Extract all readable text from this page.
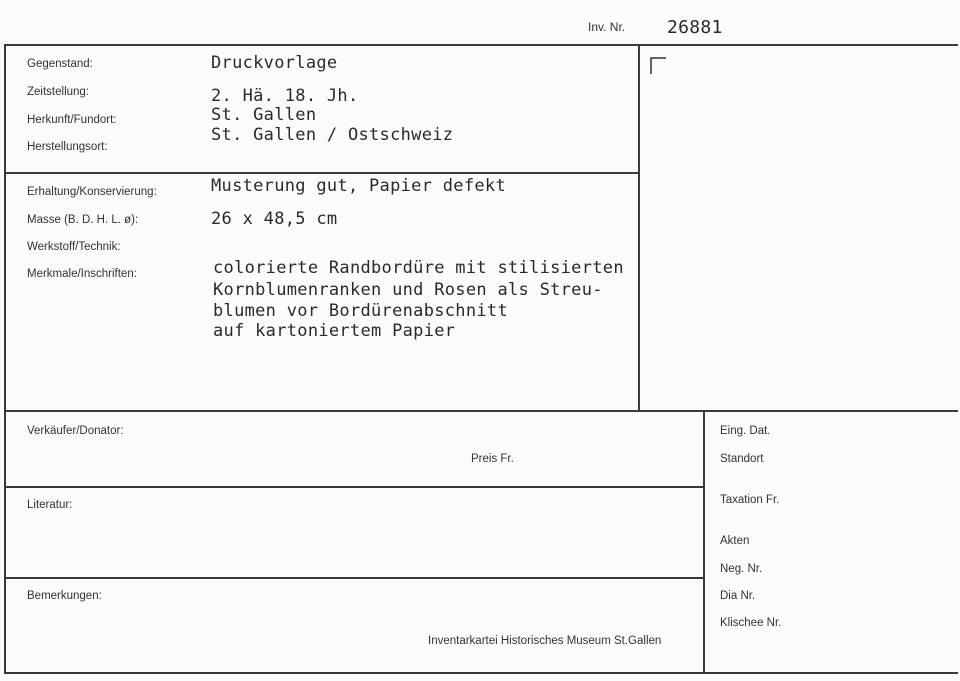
Inv. Nr. 26881
Gegenstand:
Zeitstellung:
Herkunft/Fundort:
Herstellungsort:
Druckvorlage
2. Hä. 18. Jh.
St. Gallen
St. Gallen / Ostschweiz
Erhaltung/Konservierung:
Masse (B. D. H. L. ø):
Werkstoff/Technik:
Merkmale/Inschriften:
Musterung gut, Papier defekt
26 x 48,5 cm
colorierte Randbordüre mit stilisierten
Kornblumenranken und Rosen als Streu-
blumen vor Bordürenabschnitt
auf kartoniertem Papier
Verkäufer/Donator:
Preis Fr.
Literatur:
Bemerkungen:
Inventarkartei Historisches Museum St.Gallen
Eing. Dat.
Standort
Taxation Fr.
Akten
Neg. Nr.
Dia Nr.
Klischee Nr.
